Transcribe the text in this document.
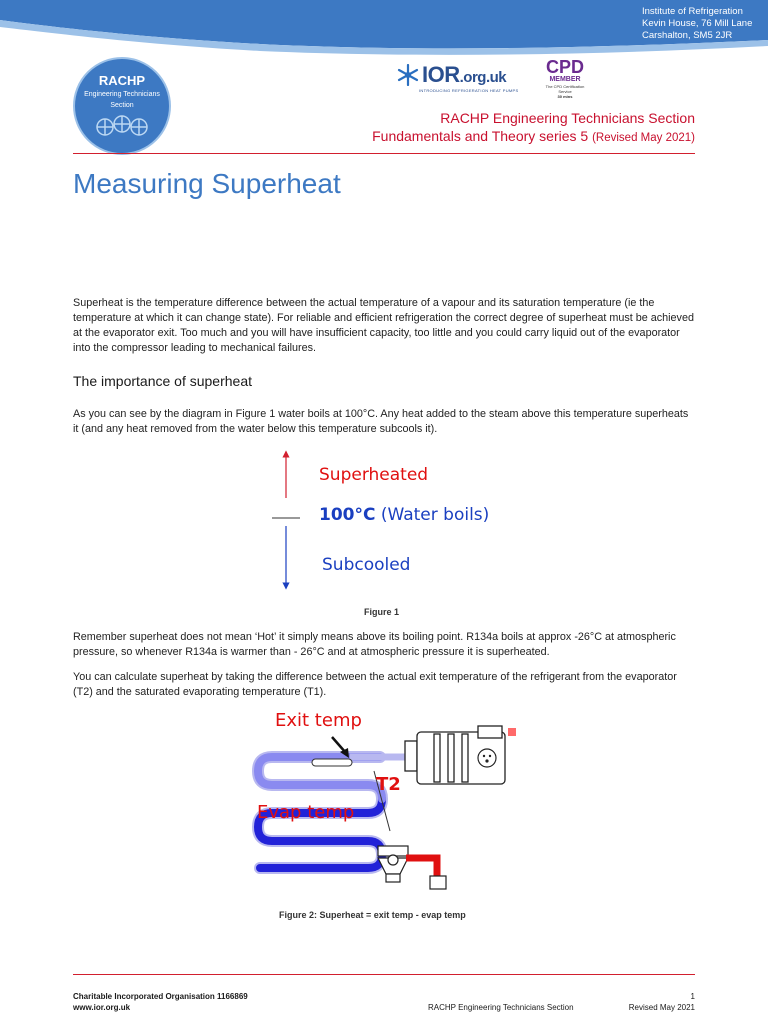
Institute of Refrigeration
Kevin House, 76 Mill Lane
Carshalton, SM5 2JR
RACHP
Engineering Technicians
Section
IOR.org.uk
INTRODUCING REFRIGERATION HEAT PUMPS
CPD
MEMBER
The CPD Certification Service
30 mins
RACHP Engineering Technicians Section
Fundamentals and Theory series 5 (Revised May 2021)
Measuring Superheat
Superheat is the temperature difference between the actual temperature of a vapour and its saturation temperature (ie the temperature at which it can change state). For reliable and efficient refrigeration the correct degree of superheat must be achieved at the evaporator exit. Too much and you will have insufficient capacity, too little and you could carry liquid out of the evaporator into the compressor leading to mechanical failures.
The importance of superheat
As you can see by the diagram in Figure 1 water boils at 100°C. Any heat added to the steam above this temperature superheats it (and any heat removed from the water below this temperature subcools it).
Superheated
100°C (Water boils)
Subcooled
Figure 1
Remember superheat does not mean ‘Hot’ it simply means above its boiling point. R134a boils at approx -26°C at atmospheric pressure, so whenever R134a is warmer than - 26°C and at atmospheric pressure it is superheated.
You can calculate superheat by taking the difference between the actual exit temperature of the refrigerant from the evaporator (T2) and the saturated evaporating temperature (T1).
Exit temp
T2
Evap temp
Figure 2: Superheat = exit temp - evap temp
Charitable Incorporated Organisation 1166869
www.ior.org.uk
1
RACHP Engineering Technicians Section	Revised May 2021
